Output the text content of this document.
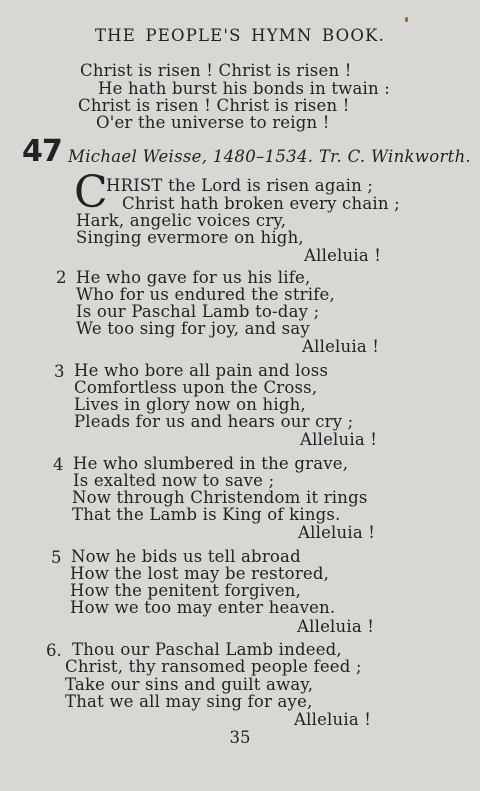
THE PEOPLE'S HYMN BOOK.
Christ is risen ! Christ is risen !
He hath burst his bonds in twain :
Christ is risen ! Christ is risen !
O'er the universe to reign !
47 Michael Weisse, 1480–1534. Tr. C. Winkworth.
C
HRIST the Lord is risen again ;
Christ hath broken every chain ;
Hark, angelic voices cry,
Singing evermore on high,
Alleluia !
2 He who gave for us his life,
Who for us endured the strife,
Is our Paschal Lamb to-day ;
We too sing for joy, and say
Alleluia !
3 He who bore all pain and loss
Comfortless upon the Cross,
Lives in glory now on high,
Pleads for us and hears our cry ;
Alleluia !
4 He who slumbered in the grave,
Is exalted now to save ;
Now through Christendom it rings
That the Lamb is King of kings.
Alleluia !
5 Now he bids us tell abroad
How the lost may be restored,
How the penitent forgiven,
How we too may enter heaven.
Alleluia !
6. Thou our Paschal Lamb indeed,
Christ, thy ransomed people feed ;
Take our sins and guilt away,
That we all may sing for aye,
Alleluia !
35
